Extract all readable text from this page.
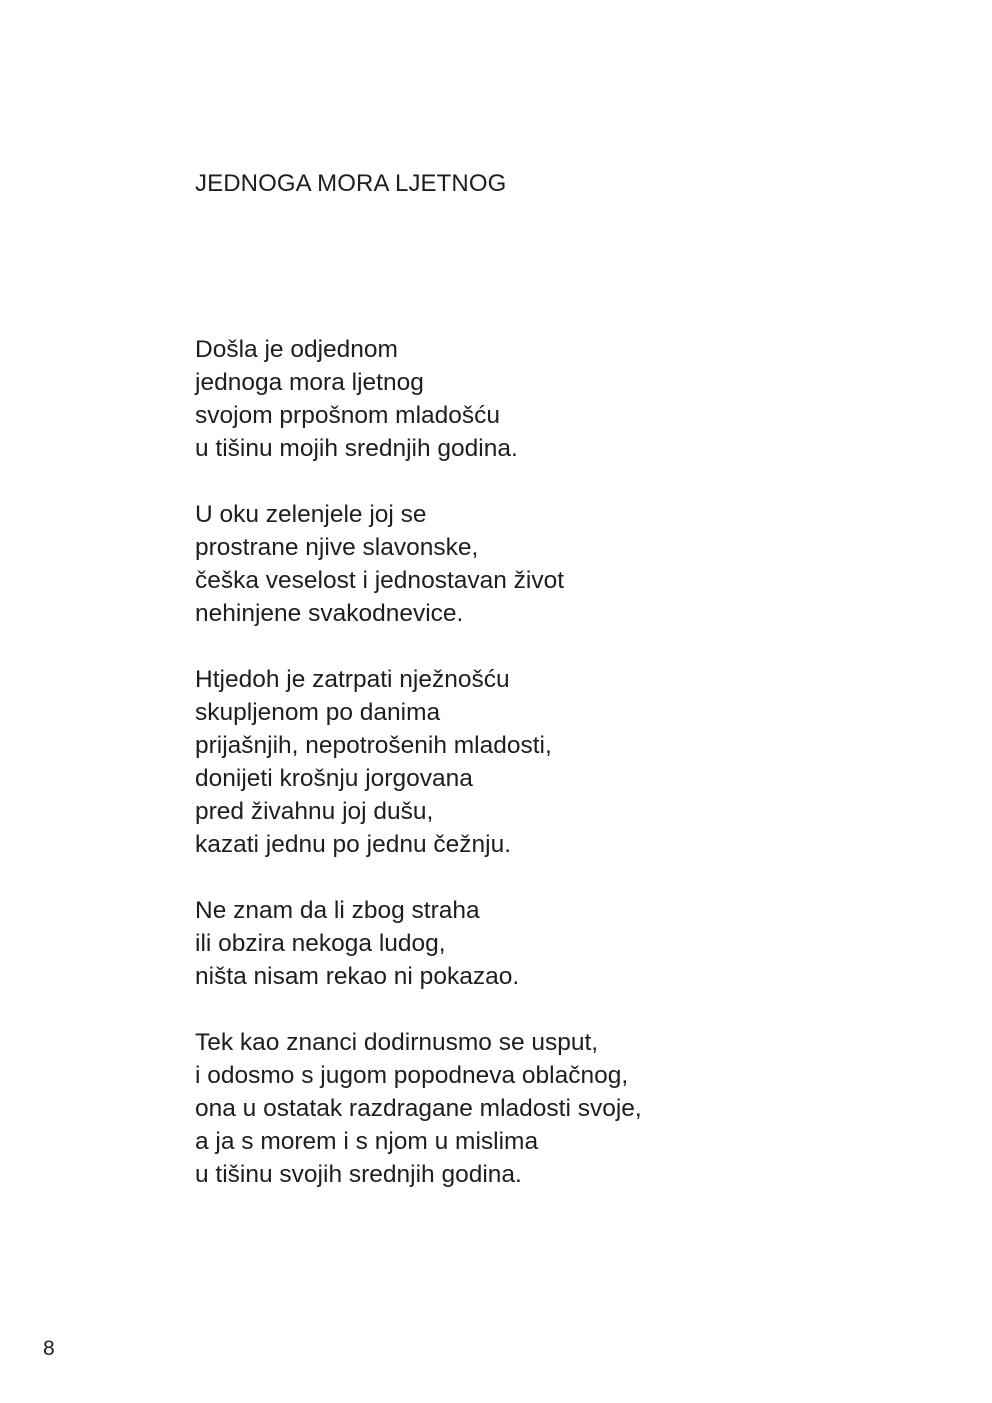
JEDNOGA MORA LJETNOG
Došla je odjednom
jednoga mora ljetnog
svojom prpošnom mladošću
u tišinu mojih srednjih godina.
U oku zelenjele joj se
prostrane njive slavonske,
češka veselost i jednostavan život
nehinjene svakodnevice.
Htjedoh je zatrpati nježnošću
skupljenom po danima
prijašnjih, nepotrošenih mladosti,
donijeti krošnju jorgovana
pred živahnu joj dušu,
kazati jednu po jednu čežnju.
Ne znam da li zbog straha
ili obzira nekoga ludog,
ništa nisam rekao ni pokazao.
Tek kao znanci dodirnusmo se usput,
i odosmo s jugom popodneva oblačnog,
ona u ostatak razdragane mladosti svoje,
a ja s morem i s njom u mislima
u tišinu svojih srednjih godina.

8
